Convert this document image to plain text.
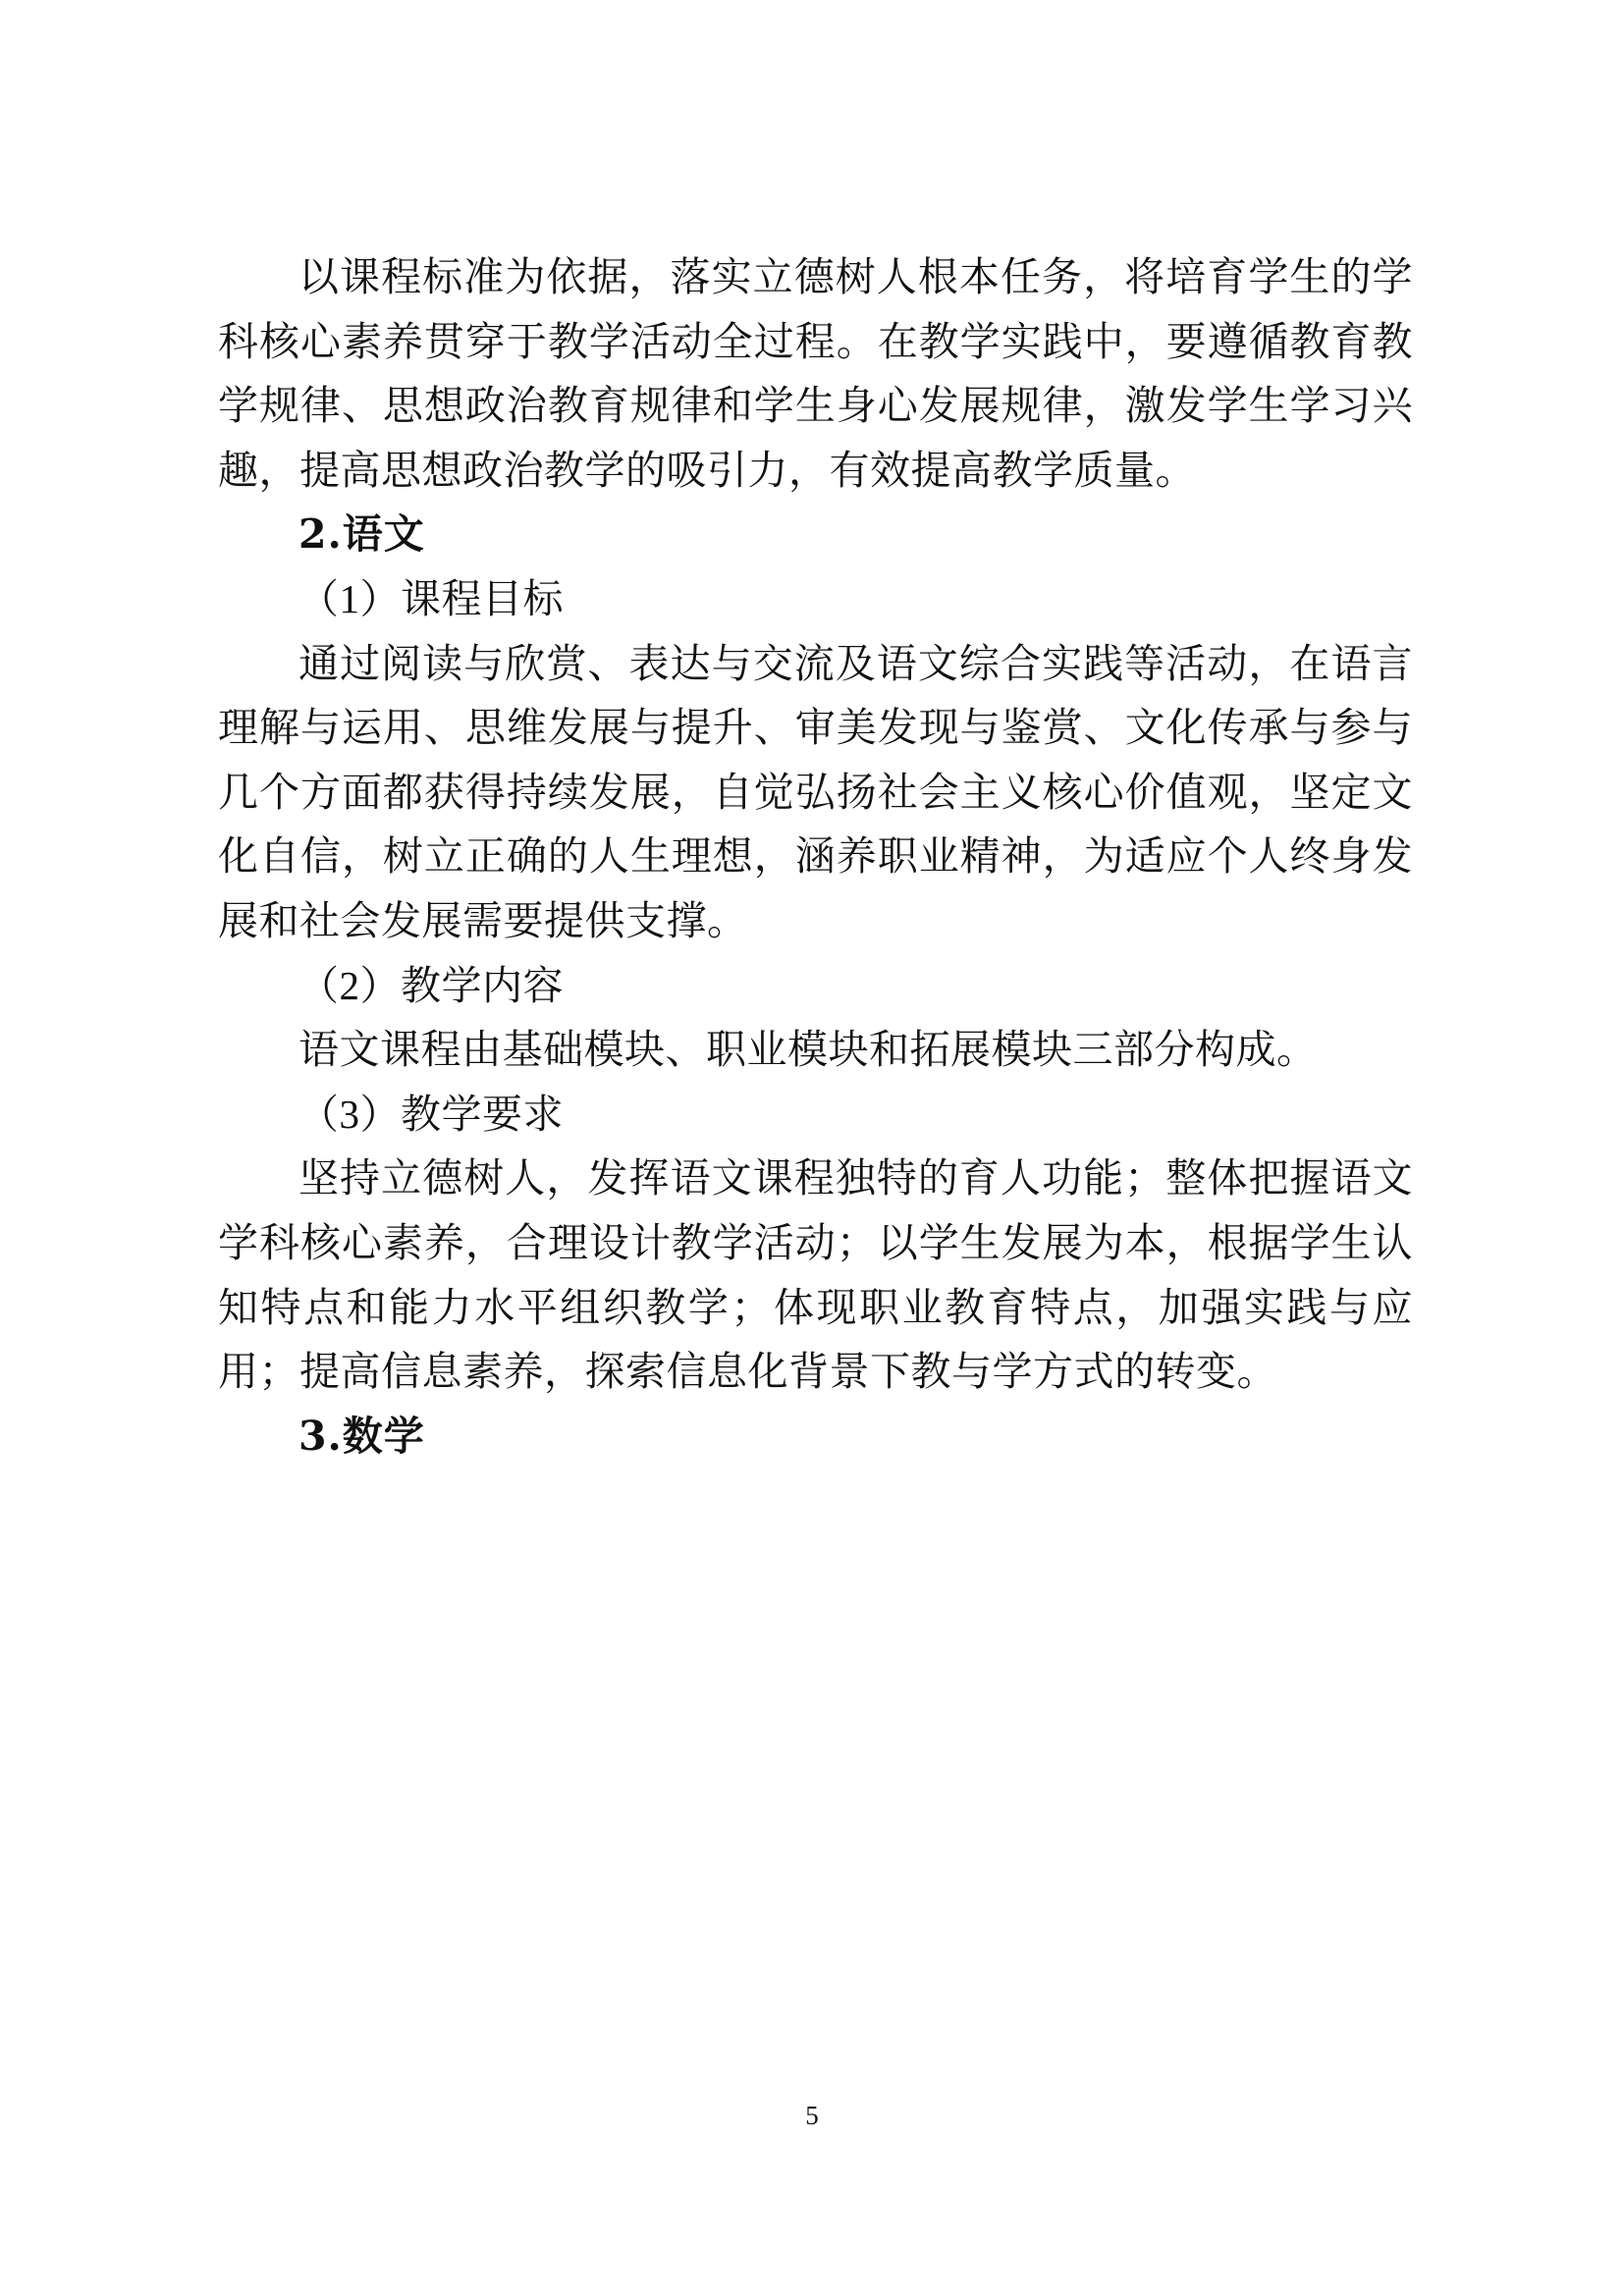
以课程标准为依据，落实立德树人根本任务，将培育学生的学科核心素养贯穿于教学活动全过程。在教学实践中，要遵循教育教学规律、思想政治教育规律和学生身心发展规律，激发学生学习兴趣，提高思想政治教学的吸引力，有效提高教学质量。

2.语文

（1）课程目标

通过阅读与欣赏、表达与交流及语文综合实践等活动，在语言理解与运用、思维发展与提升、审美发现与鉴赏、文化传承与参与几个方面都获得持续发展，自觉弘扬社会主义核心价值观，坚定文化自信，树立正确的人生理想，涵养职业精神，为适应个人终身发展和社会发展需要提供支撑。

（2）教学内容

语文课程由基础模块、职业模块和拓展模块三部分构成。

（3）教学要求

坚持立德树人，发挥语文课程独特的育人功能；整体把握语文学科核心素养，合理设计教学活动；以学生发展为本，根据学生认知特点和能力水平组织教学；体现职业教育特点，加强实践与应用；提高信息素养，探索信息化背景下教与学方式的转变。

3.数学

5
